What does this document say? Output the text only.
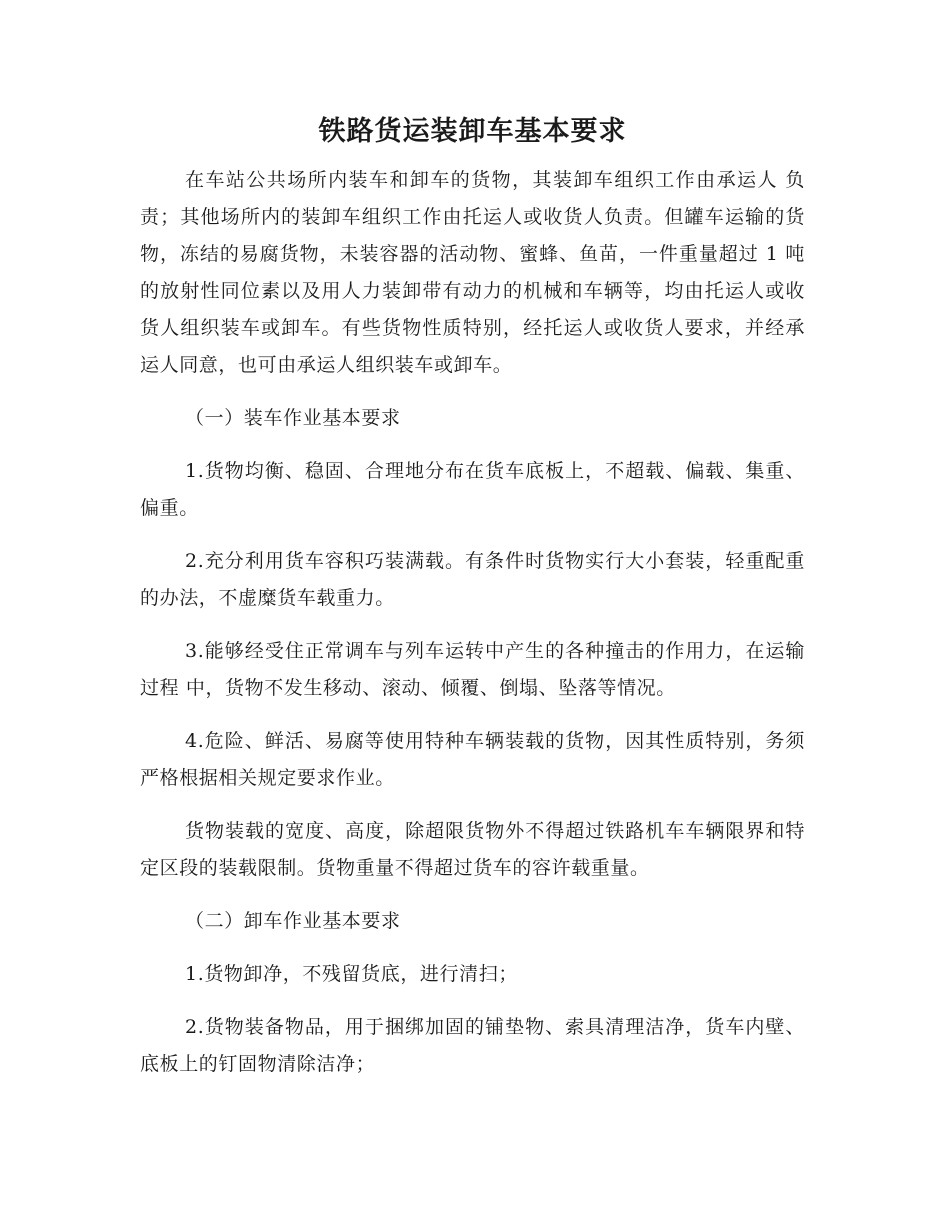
铁路货运装卸车基本要求

在车站公共场所内装车和卸车的货物，其装卸车组织工作由承运人 负责；其他场所内的装卸车组织工作由托运人或收货人负责。但罐车运输的货物，冻结的易腐货物，未装容器的活动物、蜜蜂、鱼苗，一件重量超过 1 吨的放射性同位素以及用人力装卸带有动力的机械和车辆等，均由托运人或收货人组织装车或卸车。有些货物性质特别，经托运人或收货人要求，并经承运人同意，也可由承运人组织装车或卸车。

（一）装车作业基本要求

1.货物均衡、稳固、合理地分布在货车底板上，不超载、偏载、集重、偏重。

2.充分利用货车容积巧装满载。有条件时货物实行大小套装，轻重配重的办法，不虚糜货车载重力。

3.能够经受住正常调车与列车运转中产生的各种撞击的作用力，在运输过程 中，货物不发生移动、滚动、倾覆、倒塌、坠落等情况。

4.危险、鲜活、易腐等使用特种车辆装载的货物，因其性质特别，务须严格根据相关规定要求作业。

货物装载的宽度、高度，除超限货物外不得超过铁路机车车辆限界和特定区段的装载限制。货物重量不得超过货车的容许载重量。

（二）卸车作业基本要求

1.货物卸净，不残留货底，进行清扫；

2.货物装备物品，用于捆绑加固的铺垫物、索具清理洁净，货车内壁、底板上的钉固物清除洁净；
